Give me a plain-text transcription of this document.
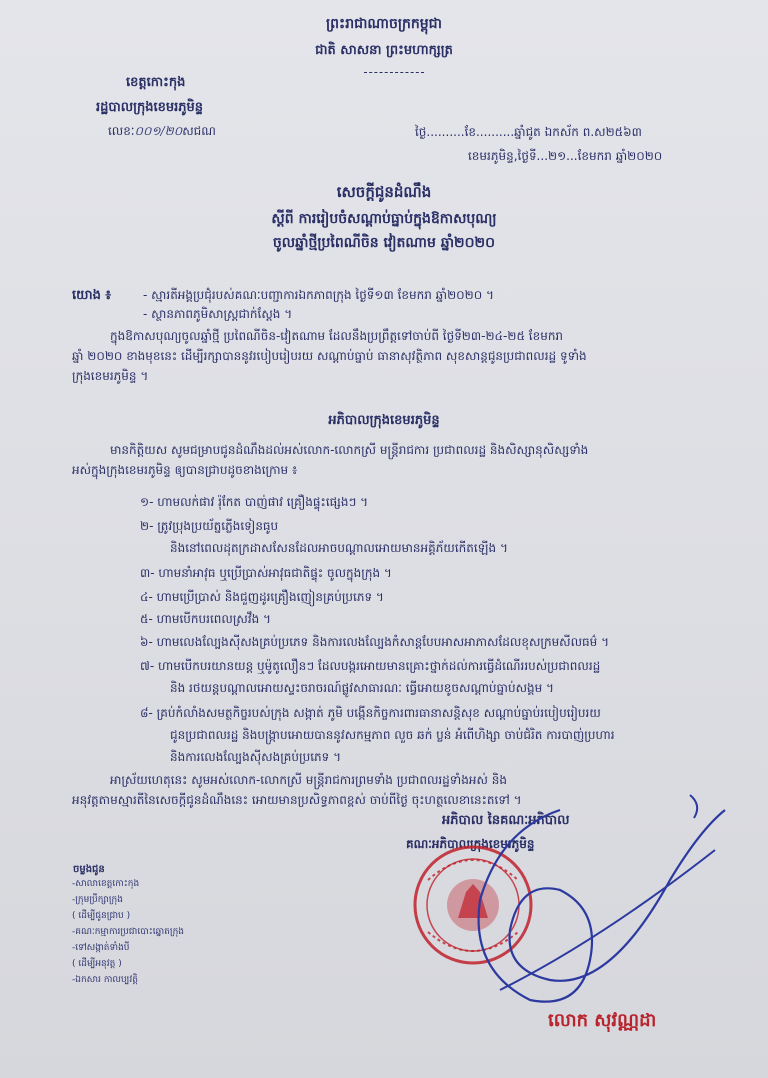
ព្រះរាជាណាចក្រកម្ពុជា
ជាតិ សាសនា ព្រះមហាក្សត្រ
ខេត្តកោះកុង
រដ្ឋបាលក្រុងខេមរភូមិន្ទ
លេខៈ០០១/២០សជណ	ថ្ងៃ..........ខែ..........ឆ្នាំជូត ឯកស័ក ព.ស២៥៦៣
ខេមរភូមិន្ទ,ថ្ងៃទី...២១...ខែមករា ឆ្នាំ២០២០
សេចក្តីជូនដំណឹង
ស្តីពី ការរៀបចំសណ្តាប់ធ្នាប់ក្នុងឱកាសបុណ្យ
ចូលឆ្នាំថ្មីប្រពៃណីចិន វៀតណាម ឆ្នាំ២០២០
យោង ៖	- ស្មារតីអង្គប្រជុំរបស់គណៈបញ្ជាការឯកភាពក្រុង ថ្ងៃទី១៣ ខែមករា ឆ្នាំ២០២០ ។
- ស្ថានភាពភូមិសាស្ត្រជាក់ស្តែង ។
ក្នុងឱកាសបុណ្យចូលឆ្នាំថ្មី ប្រពៃណីចិន-វៀតណាម ដែលនឹងប្រព្រឹត្តទៅចាប់ពី ថ្ងៃទី២៣-២៤-២៥ ខែមករា
ឆ្នាំ ២០២០ ខាងមុខនេះ ដើម្បីរក្សាបាននូវរបៀបរៀបរយ សណ្តាប់ធ្នាប់ ធានាសុវត្ថិភាព សុខសាន្តជូនប្រជាពលរដ្ឋ ទូទាំង
ក្រុងខេមរភូមិន្ទ ។
អភិបាលក្រុងខេមរភូមិន្ទ
មានកិត្តិយស សូមជម្រាបជូនដំណឹងដល់អស់លោក-លោកស្រី មន្ត្រីរាជការ ប្រជាពលរដ្ឋ និងសិស្សានុសិស្សទាំង
អស់ក្នុងក្រុងខេមរភូមិន្ទ ឲ្យបានជ្រាបដូចខាងក្រោម ៖
១- ហាមលក់ផាវ រ៉ុកែត បាញ់ផាវ គ្រឿងផ្ទុះផ្សេងៗ ។
២- ត្រូវប្រុងប្រយ័ត្នភ្លើងទៀនធូប
និងនៅពេលដុតក្រដាសសែនដែលអាចបណ្តាលអោយមានអគ្គិភ័យកើតឡើង ។
៣- ហាមនាំអាវុធ ឬប្រើប្រាស់អាវុធជាតិផ្ទុះ ចូលក្នុងក្រុង ។
៤- ហាមប្រើប្រាស់ និងជួញដូរគ្រឿងញៀនគ្រប់ប្រភេទ ។
៥- ហាមបើកបរពេលស្រវឹង ។
៦- ហាមលេងល្បែងស៊ីសងគ្រប់ប្រភេទ និងការលេងល្បែងកំសាន្តបែបអាសអាភាសដែលខុសក្រមសីលធម៌ ។
៧- ហាមបើកបរយានយន្ត ឬម៉ូតូលឿនៗ ដែលបង្ករអោយមានគ្រោះថ្នាក់ដល់ការធ្វើដំណើររបស់ប្រជាពលរដ្ឋ
និង រថយន្តបណ្តាលអោយស្ទះចរាចរណ៍ផ្លូវសាធារណៈ ធ្វើអោយខូចសណ្តាប់ធ្នាប់សង្គម ។
៨- គ្រប់កំលាំងសមត្ថកិច្ចរបស់ក្រុង សង្កាត់ ភូមិ បង្កើនកិច្ចការពារធានាសន្តិសុខ សណ្តាប់ធ្នាប់របៀបរៀបរយ
ជូនប្រជាពលរដ្ឋ និងបង្រ្កាបអោយបាននូវសកម្មភាព លួច ឆក់ ប្លន់ អំពើហិង្សា ចាប់ជំរិត ការបាញ់ប្រហារ
និងការលេងល្បែងស៊ីសងគ្រប់ប្រភេទ ។
អាស្រ័យហេតុនេះ សូមអស់លោក-លោកស្រី មន្ត្រីរាជការព្រមទាំង ប្រជាពលរដ្ឋទាំងអស់ និង
អនុវត្តតាមស្មារតីនៃសេចក្តីជូនដំណឹងនេះ អោយមានប្រសិទ្ធភាពខ្ពស់ ចាប់ពីថ្ងៃ ចុះហត្ថលេខានេះតទៅ ។
អភិបាល នៃគណៈអភិបាល
គណៈអភិបាលក្រុងខេមរភូមិន្ទ
លោក សុវណ្ណដា
ចម្លងជូន
-សាលាខេត្តកោះកុង
-ក្រុមប្រឹក្សាក្រុង
( ដើម្បីជូនជ្រាប )
-គណៈកម្មាការប្រជាបោះឆ្នោតក្រុង
-ទៅសង្កាត់ទាំងបី
( ដើម្បីអនុវត្ត )
-ឯកសារ កាលប្បវត្តិ
